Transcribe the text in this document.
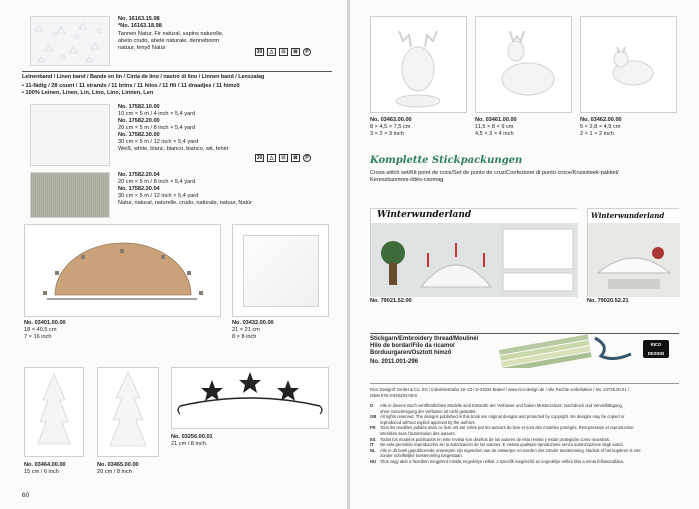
No. 16163.15.98
*No. 16163.18.98
Tannen Natur, Fir natural, sapins naturelle,
abeto crudo, abete naturale, denneboom
natuur, fenyő Natúr
30	△	⊡	⊠	P
Leinenband / Linen band / Bande en lin / Cinta de lino / nastro di lino / Linnen band / Lenszalag
• 11-fädig / 28 count / 11 strands / 11 brins / 11 hilos / 11 fili / 11 draadjes / 11 himző
• 100% Leinen, Linen, Lin, Lino, Lino, Linnen, Len
No. 17582.10.00
10 cm × 5 m / 4 inch × 5,4 yard
No. 17582.20.00
20 cm × 5 m / 8 inch × 5,4 yard
No. 17582.30.00
30 cm × 5 m / 12 inch × 5,4 yard
Weiß, white, blanc, blanco, bianco, wit, fehér
30	△	⊡	⊠	P
No. 17582.20.04
20 cm × 5 m / 8 inch × 5,4 yard
No. 17582.30.04
30 cm × 5 m / 12 inch × 5,4 yard
Natur, natural, naturelle, crudo, naturale, natuur, Natúr
No. 03401.00.00
18 × 40,5 cm
7 × 16 inch
No. 03432.00.00
21 × 21 cm
8 × 8 inch
No. 03464.00.00
15 cm / 6 inch
No. 03465.00.00
20 cm / 8 inch
No. 03256.00.01
21 cm / 8 inch
60
No. 03463.00.00
8 × 4,5 × 7,5 cm
3 × 2 × 3 inch
No. 03461.00.00
11,5 × 8 × 9 cm
4,5 × 3 × 4 inch
No. 03462.00.00
5 × 2,8 × 4,9 cm
2 × 1 × 2 inch
Komplette Stickpackungen
Cross-stitch set/Kit point de croix/Set de punto de cruz/Confezione di punto croce/Kruissteek-pakket/
Keresztszemes-öltés-csomag
Winterwunderland
No. 79021.52.00
Winterwunderland
No. 79020.52.21
Stickgarn/Embroidery thread/Mouliné/
Hilo de bordar/Filo da ricamo/
Borduurgaren/Osztott hímző
No. 2011.001-296
RICO DESIGN
Rico Design® GmbH & Co. KG / Industriestraße 19–23 / D-33034 Brakel / www.rico-design.de / Alle Rechte vorbehalten / No. 23726.00.01 /
ISBN 978-3-940284-08-9
D Alle in diesem Buch veröffentlichten Modelle sind Entwürfe der Verfasser und haben Musterschutz. Nachdruck und Vervielfältigung,
ohne Genehmigung der Verfasser ist nicht gestattet.
GB All rights reserved. The designs published in this book are original designs and protected by copyright. No designs may be copied or
reproduced without explicit approval by the authors.
FR Tous les modèles publiés dans ce livre ont été créés par les auteurs du livre et sont des modèles protégés. Reimpression et reproduction
interdites sans l'autorisation des auteurs.
ES Todos los modelos publicados en este revista son diseños de los autores de esta revista y están protegidos como muestras.
IT Ne esta permitido reproducirlos sin la autorización de los autores. E vietata qualsiasi riproduzione senza autorizzazione degli autori.
NL Alle in dit boek gepubliceerde ontwerpen zijn eigendom van de ontwerper en worden niet zonder toestemming. Nadruk of het kopiëren is niet
zonder schriftelijke toestemming toegestaan.
HU Tilos vagy akár a füzetben megjelent minták engedélye nélkül. A szerzők kiegészítő az engedélye nélkül tilos a minta felhasználása.
